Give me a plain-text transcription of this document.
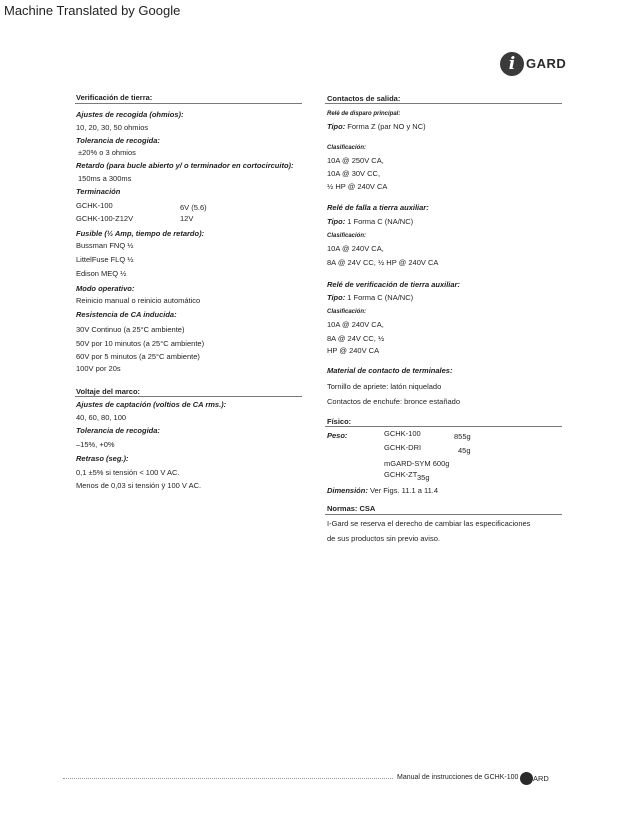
Machine Translated by Google
i GARD
Verificación de tierra:
Ajustes de recogida (ohmios):
10, 20, 30, 50 ohmios
Tolerancia de recogida:
±20% o 3 ohmios
Retardo (para bucle abierto y/ o terminador en cortocircuito):
150ms a 300ms
Terminación
GCHK-100	6V (5.6)
GCHK-100-Z12V	12V
Fusible (½ Amp, tiempo de retardo):
Bussman FNQ ½
LittelFuse FLQ ½
Edison MEQ ½
Modo operativo:
Reinicio manual o reinicio automático
Resistencia de CA inducida:
30V Continuo (a 25°C ambiente)
50V por 10 minutos (a 25°C ambiente)
60V por 5 minutos (a 25°C ambiente)
100V por 20s
Voltaje del marco:
Ajustes de captación (voltios de CA rms.):
40, 60, 80, 100
Tolerancia de recogida:
–15%, +0%
Retraso (seg.):
0,1 ±5% si tensión < 100 V AC.
Menos de 0,03 si tensión ÿ 100 V AC.
Contactos de salida:
Relé de disparo principal:
Tipo: Forma Z (par NO y NC)
Clasificación:
10A @ 250V CA,
10A @ 30V CC,
½ HP @ 240V CA
Relé de falla a tierra auxiliar:
Tipo: 1 Forma C (NA/NC)
Clasificación:
10A @ 240V CA,
8A @ 24V CC, ½ HP @ 240V CA
Relé de verificación de tierra auxiliar:
Tipo: 1 Forma C (NA/NC)
Clasificación:
10A @ 240V CA,
8A @ 24V CC, ½
HP @ 240V CA
Material de contacto de terminales:
Tornillo de apriete: latón niquelado
Contactos de enchufe: bronce estañado
Físico:
Peso:	GCHK-100	855g
GCHK-DRI	45g
mGARD-SYM 600g
GCHK-ZT 35g
Dimensión: Ver Figs. 11.1 a 11.4
Normas: CSA
I-Gard se reserva el derecho de cambiar las especificaciones
de sus productos sin previo aviso.
Manual de instrucciones de GCHK-100 ARD
